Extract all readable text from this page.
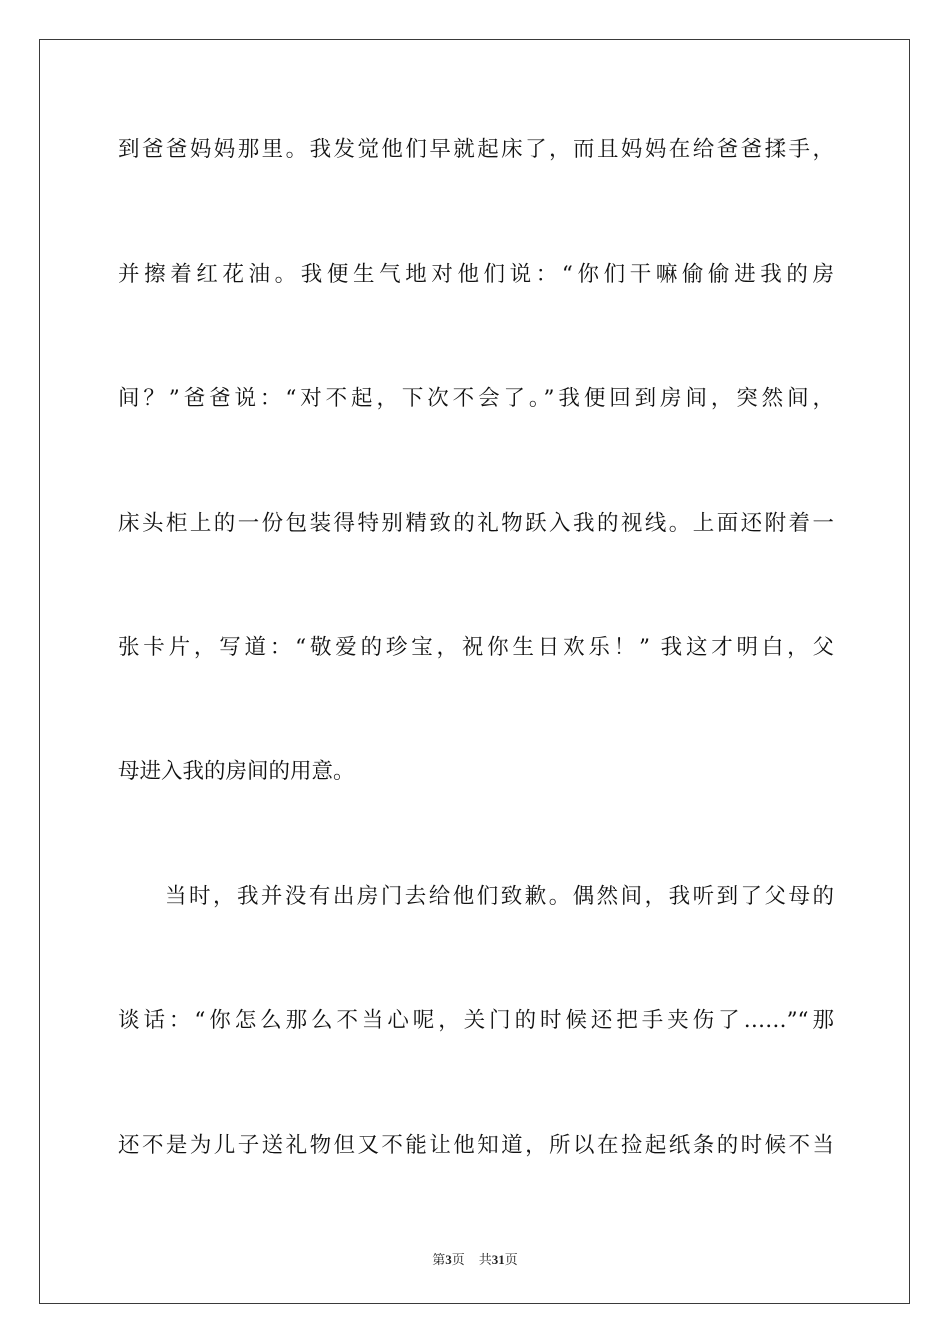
到爸爸妈妈那里。我发觉他们早就起床了，而且妈妈在给爸爸揉手，
并擦着红花油。我便生气地对他们说：“你们干嘛偷偷进我的房
间？”爸爸说：“对不起，下次不会了。”我便回到房间，突然间，
床头柜上的一份包装得特别精致的礼物跃入我的视线。上面还附着一
张卡片，写道：“敬爱的珍宝，祝你生日欢乐！” 我这才明白，父
母进入我的房间的用意。
当时，我并没有出房门去给他们致歉。偶然间，我听到了父母的
谈话：“你怎么那么不当心呢，关门的时候还把手夹伤了……”“那
还不是为儿子送礼物但又不能让他知道，所以在捡起纸条的时候不当
第3页 共31页
